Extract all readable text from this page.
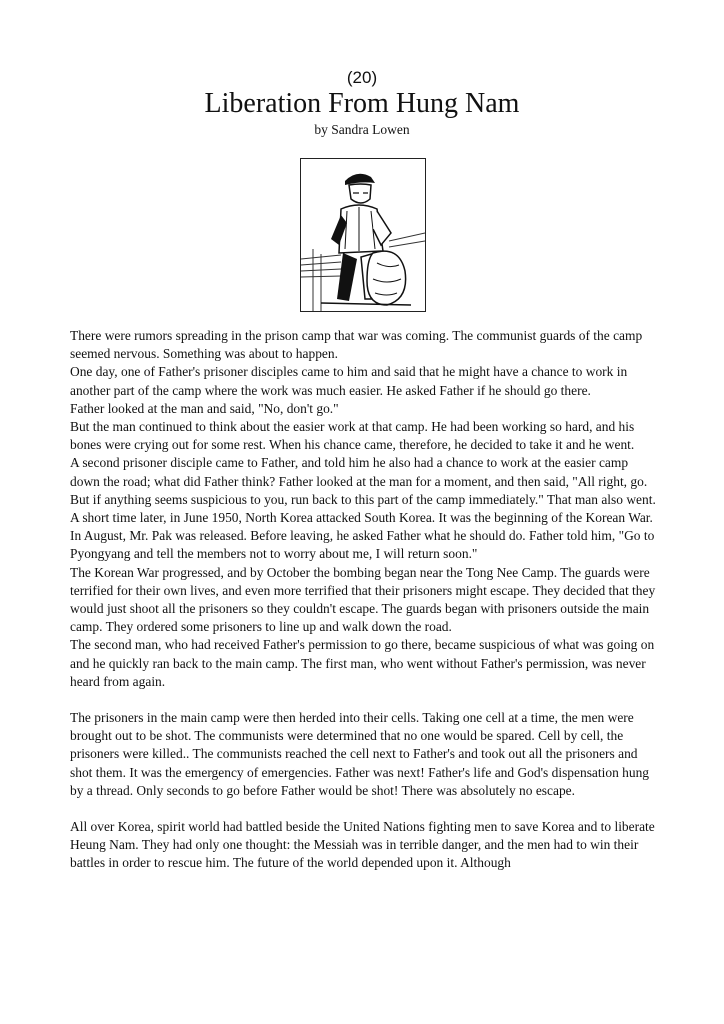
(20)
Liberation From Hung Nam
by Sandra Lowen

There were rumors spreading in the prison camp that war was coming. The communist guards of the camp seemed nervous. Something was about to happen.

One day, one of Father's prisoner disciples came to him and said that he might have a chance to work in another part of the camp where the work was much easier. He asked Father if he should go there.

Father looked at the man and said, "No, don't go."

But the man continued to think about the easier work at that camp. He had been working so hard, and his bones were crying out for some rest. When his chance came, therefore, he decided to take it and he went.

A second prisoner disciple came to Father, and told him he also had a chance to work at the easier camp down the road; what did Father think? Father looked at the man for a moment, and then said, "All right, go. But if anything seems suspicious to you, run back to this part of the camp immediately." That man also went.

A short time later, in June 1950, North Korea attacked South Korea. It was the beginning of the Korean War.

In August, Mr. Pak was released. Before leaving, he asked Father what he should do. Father told him, "Go to Pyongyang and tell the members not to worry about me, I will return soon."

The Korean War progressed, and by October the bombing began near the Tong Nee Camp. The guards were terrified for their own lives, and even more terrified that their prisoners might escape. They decided that they would just shoot all the prisoners so they couldn't escape. The guards began with prisoners outside the main camp. They ordered some prisoners to line up and walk down the road.

The second man, who had received Father's permission to go there, became suspicious of what was going on and he quickly ran back to the main camp. The first man, who went without Father's permission, was never heard from again.

The prisoners in the main camp were then herded into their cells. Taking one cell at a time, the men were brought out to be shot. The communists were determined that no one would be spared. Cell by cell, the prisoners were killed.. The communists reached the cell next to Father's and took out all the prisoners and shot them. It was the emergency of emergencies. Father was next! Father's life and God's dispensation hung by a thread. Only seconds to go before Father would be shot! There was absolutely no escape.

All over Korea, spirit world had battled beside the United Nations fighting men to save Korea and to liberate Heung Nam. They had only one thought: the Messiah was in terrible danger, and the men had to win their battles in order to rescue him. The future of the world depended upon it. Although
